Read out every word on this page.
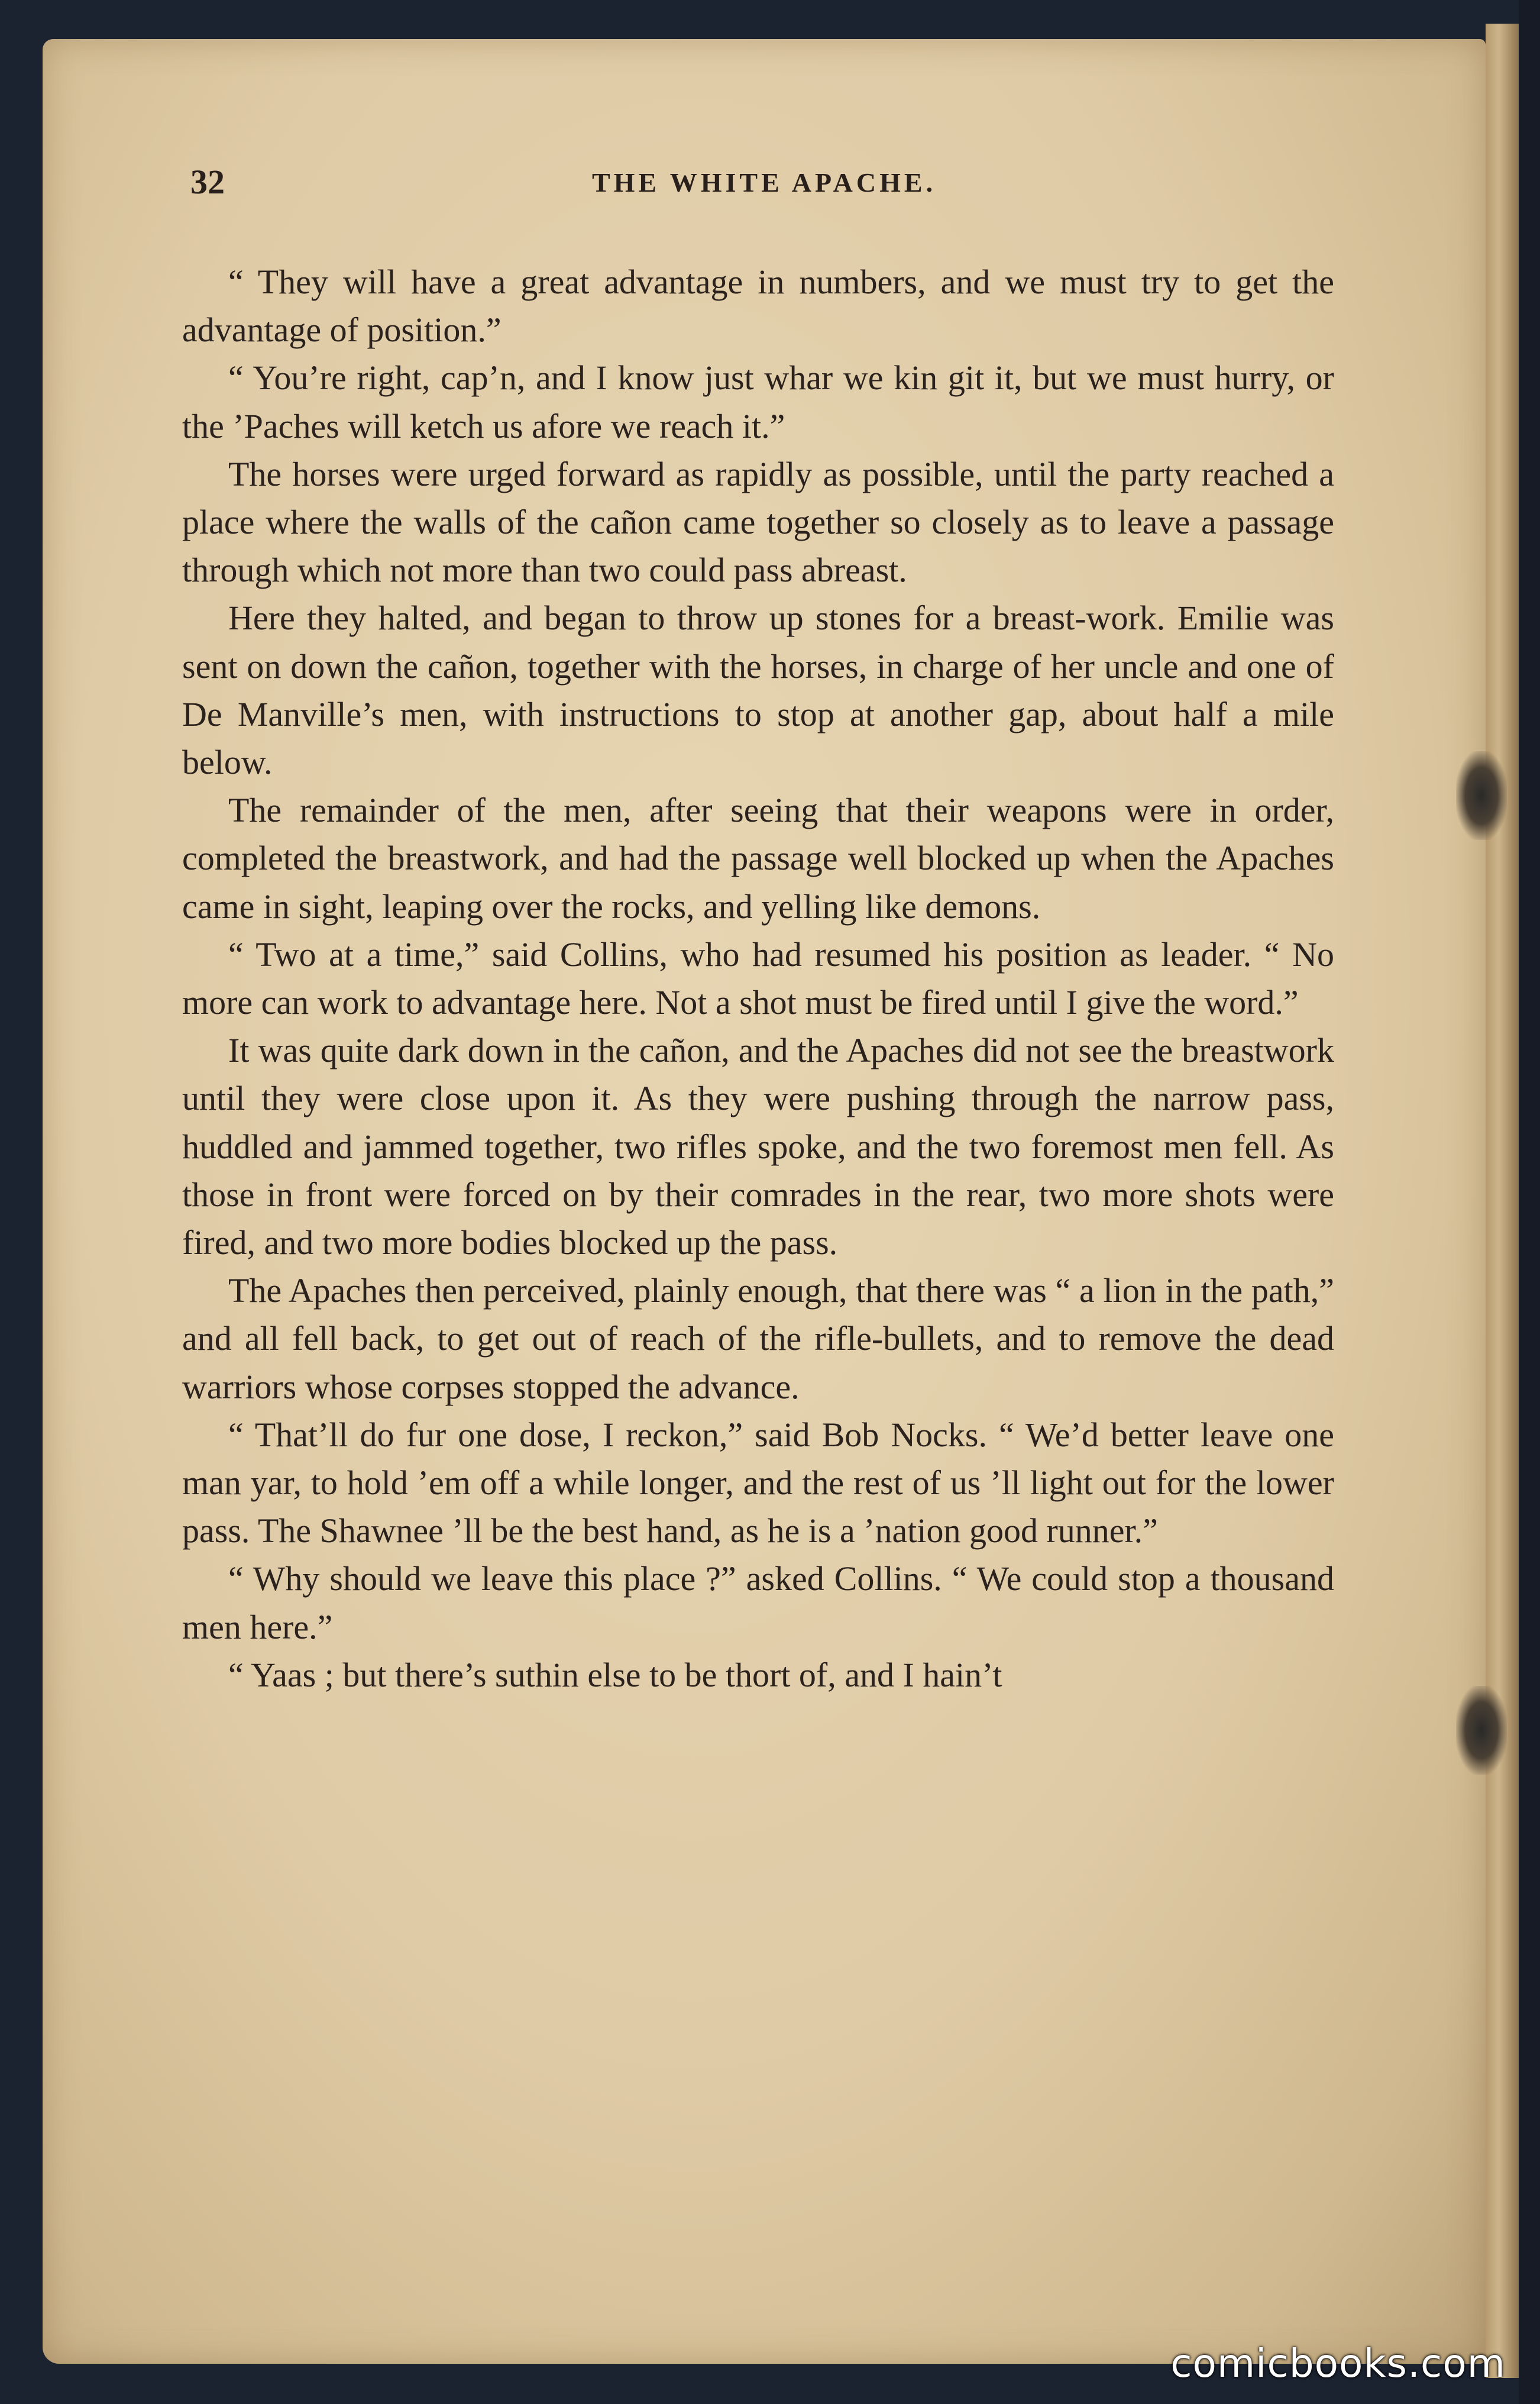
32	THE WHITE APACHE.

“ They will have a great advantage in numbers, and we must try to get the advantage of position.”

“ You’re right, cap’n, and I know just whar we kin git it, but we must hurry, or the ’Paches will ketch us afore we reach it.”

The horses were urged forward as rapidly as possible, until the party reached a place where the walls of the cañon came together so closely as to leave a passage through which not more than two could pass abreast.

Here they halted, and began to throw up stones for a breast-work. Emilie was sent on down the cañon, together with the horses, in charge of her uncle and one of De Manville’s men, with instructions to stop at another gap, about half a mile below.

The remainder of the men, after seeing that their weapons were in order, completed the breastwork, and had the passage well blocked up when the Apaches came in sight, leaping over the rocks, and yelling like demons.

“ Two at a time,” said Collins, who had resumed his position as leader. “ No more can work to advantage here. Not a shot must be fired until I give the word.”

It was quite dark down in the cañon, and the Apaches did not see the breastwork until they were close upon it. As they were pushing through the narrow pass, huddled and jammed together, two rifles spoke, and the two foremost men fell. As those in front were forced on by their comrades in the rear, two more shots were fired, and two more bodies blocked up the pass.

The Apaches then perceived, plainly enough, that there was “ a lion in the path,” and all fell back, to get out of reach of the rifle-bullets, and to remove the dead warriors whose corpses stopped the advance.

“ That’ll do fur one dose, I reckon,” said Bob Nocks. “ We’d better leave one man yar, to hold ’em off a while longer, and the rest of us ’ll light out for the lower pass. The Shawnee ’ll be the best hand, as he is a ’nation good runner.”

“ Why should we leave this place ?” asked Collins. “ We could stop a thousand men here.”

“ Yaas ; but there’s suthin else to be thort of, and I hain’t

comicbooks.com
